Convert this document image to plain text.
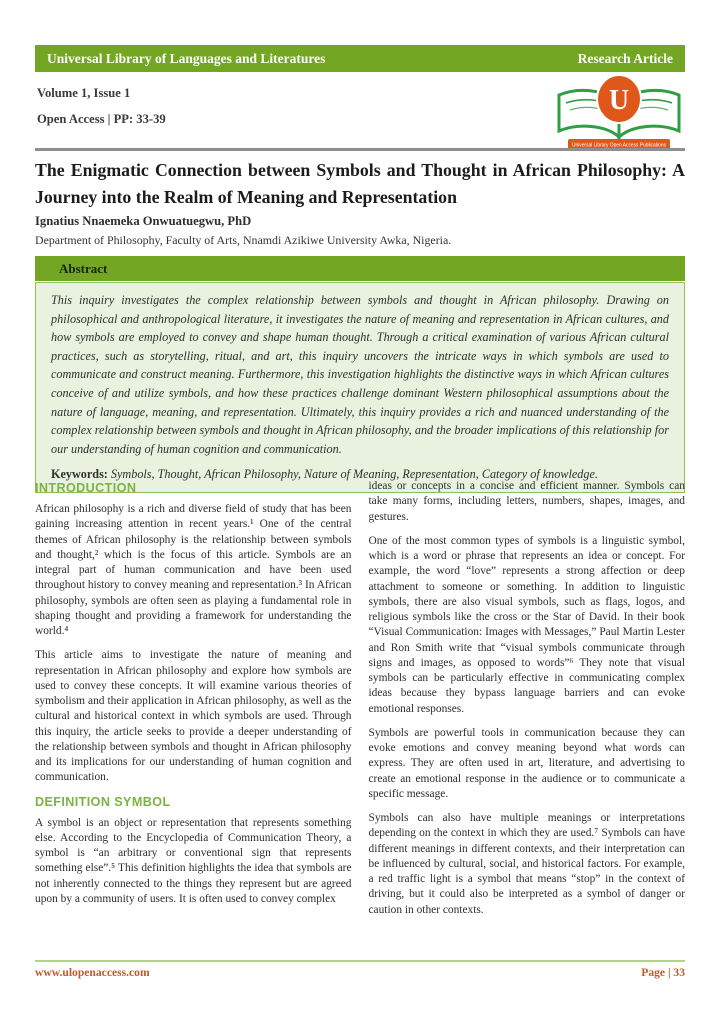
Universal Library of Languages and Literatures	Research Article
Volume 1, Issue 1
Open Access | PP: 33-39
U
Universal Library Open Access Publications
The Enigmatic Connection between Symbols and Thought in African Philosophy: A Journey into the Realm of Meaning and Representation
Ignatius Nnaemeka Onwuatuegwu, PhD
Department of Philosophy, Faculty of Arts, Nnamdi Azikiwe University Awka, Nigeria.
Abstract
This inquiry investigates the complex relationship between symbols and thought in African philosophy. Drawing on philosophical and anthropological literature, it investigates the nature of meaning and representation in African cultures, and how symbols are employed to convey and shape human thought. Through a critical examination of various African cultural practices, such as storytelling, ritual, and art, this inquiry uncovers the intricate ways in which symbols are used to communicate and construct meaning. Furthermore, this investigation highlights the distinctive ways in which African cultures conceive of and utilize symbols, and how these practices challenge dominant Western philosophical assumptions about the nature of language, meaning, and representation. Ultimately, this inquiry provides a rich and nuanced understanding of the complex relationship between symbols and thought in African philosophy, and the broader implications of this relationship for our understanding of human cognition and communication.
Keywords: Symbols, Thought, African Philosophy, Nature of Meaning, Representation, Category of knowledge.
INTRODUCTION

African philosophy is a rich and diverse field of study that has been gaining increasing attention in recent years.¹ One of the central themes of African philosophy is the relationship between symbols and thought,² which is the focus of this article. Symbols are an integral part of human communication and have been used throughout history to convey meaning and representation.³ In African philosophy, symbols are often seen as playing a fundamental role in shaping thought and providing a framework for understanding the world.⁴

This article aims to investigate the nature of meaning and representation in African philosophy and explore how symbols are used to convey these concepts. It will examine various theories of symbolism and their application in African philosophy, as well as the cultural and historical context in which symbols are used. Through this inquiry, the article seeks to provide a deeper understanding of the relationship between symbols and thought in African philosophy and its implications for our understanding of human cognition and communication.

DEFINITION SYMBOL

A symbol is an object or representation that represents something else. According to the Encyclopedia of Communication Theory, a symbol is “an arbitrary or conventional sign that represents something else”.⁵ This definition highlights the idea that symbols are not inherently connected to the things they represent but are agreed upon by a community of users. It is often used to convey complex

ideas or concepts in a concise and efficient manner. Symbols can take many forms, including letters, numbers, shapes, images, and gestures.

One of the most common types of symbols is a linguistic symbol, which is a word or phrase that represents an idea or concept. For example, the word “love” represents a strong affection or deep attachment to someone or something. In addition to linguistic symbols, there are also visual symbols, such as flags, logos, and religious symbols like the cross or the Star of David. In their book “Visual Communication: Images with Messages,” Paul Martin Lester and Ron Smith write that “visual symbols communicate through signs and images, as opposed to words”⁶ They note that visual symbols can be particularly effective in communicating complex ideas because they bypass language barriers and can evoke emotional responses.

Symbols are powerful tools in communication because they can evoke emotions and convey meaning beyond what words can express. They are often used in art, literature, and advertising to create an emotional response in the audience or to communicate a specific message.

Symbols can also have multiple meanings or interpretations depending on the context in which they are used.⁷ Symbols can have different meanings in different contexts, and their interpretation can be influenced by cultural, social, and historical factors. For example, a red traffic light is a symbol that means “stop” in the context of driving, but it could also be interpreted as a symbol of danger or caution in other contexts.

www.ulopenaccess.com	Page | 33
